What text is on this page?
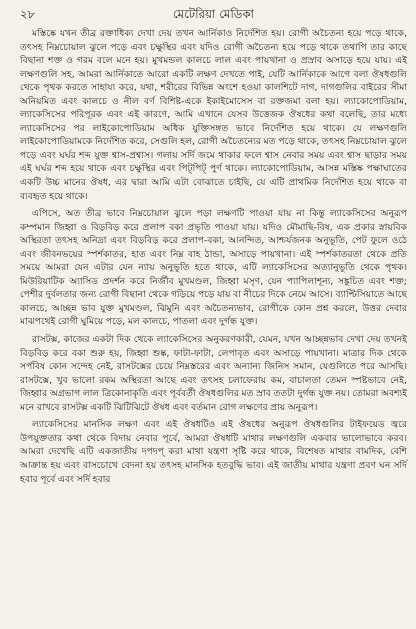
২৮	মেটেরিয়া মেডিকা

মস্তিষ্কে যখন তীব্র রক্তাধিক্য দেখা দেয় তখন আর্নিকাও নির্দেশিত হয়। রোগী অচৈতন্য হয়ে পড়ে থাকে, তৎসহ নিম্নচোয়াল ঝুলে পড়ে এবং চক্ষুস্থির এবং যদিও রোগী অচৈতন্য হয়ে পড়ে থাকে তথাপি তার কাছে বিছানা শক্ত ও গরম বলে মনে হয়। মুখমন্ডল কালচে লাল এবং পায়খানা ও প্রস্রাব অসাড়ে হয়ে যায়। এই লক্ষণগুলি সহ, আমরা আর্নিকাতে আরো একটি লক্ষণ দেখতে পাই, যেটি আর্নিকাকে আগে বলা ঔষধগুলি থেকে পৃথক করতে সাহায্য করে, যথা, শরীরের বিভিন্ন অংশে হওয়া কালশিটে দাগ, দাগগুলির বাইরের সীমা অনিয়মিত এবং কালচে ও নীল বর্ণ বিশিষ্ট-একে ইকাইমোসেস বা রক্তজমা বলা হয়। ল্যাকোপোডিয়াম, ল্যাকেসিসের পরিপূরক এবং এই কারণে, আমি এখানে যেসব উত্তেজক ঔষধের কথা বলেছি, তার মধ্যে ল্যাকেসিসের পর লাইকোপোডিয়াম অধিক যুক্তিসঙ্গত ভাবে নির্দেশিত হয়ে থাকে। যে লক্ষণগুলি লাইকোপোডিয়ামকে নির্দেশিত করে, সেগুলি হল, রোগী অচৈতন্যের মত পড়ে থাকে, তৎসহ নিম্নচোয়াল ঝুলে পড়ে এবং ঘর্ঘর শব্দ যুক্ত শ্বাস-প্রশ্বাস। গলায় সর্দি জমে থাকার ফলে শ্বাস নেবার সময় এবং শ্বাস ছাড়ার সময় এই ঘর্ঘর শব্দ হয়ে থাকে এবং চক্ষুস্থির এবং পিট্‌পিট্‌ পুর্ণ থাকে। ল্যাকোপোডিয়াম, আসন্ন মস্তিষ্ক পক্ষাঘাতের একটি উচ্চ মানের ঔষধ, এর দ্বারা আমি এটা বোঝাতে চাইছি, যে এটি প্রাথমিক নির্দেশিত হয়ে থাকে বা ব্যবহৃত হয়ে থাকে।

এপিসে, অত তীব্র ভাবে নিম্নচোয়াল ঝুলে পড়া লক্ষণটি পাওয়া যায় না কিন্তু ল্যাকেসিসের অনুরূপ কম্পমান জিহ্বা ও বিড়বিড় করে প্রলাপ বকা প্রভৃতি পাওয়া যায়। যদিও মৌমাছি-বিষ, এক প্রকার স্নায়বিক অস্থিরতা তৎসহ অনিদ্রা এবং বিড়বিড় করে প্রলাপ-বকা, আনন্দিত, আশ্চর্যজনক অনুভূতি, পেট ফুলে ওঠে এবং জীবনভয়ের স্পর্শকাতর, হাত এবং নিম্ন বাহ ঠান্ডা, অসাড়ে পায়খানা। এই স্পর্শকাতরতা থেকে প্রতি সময়ে আমরা যেন এটার যেন ন্যায় অনুভূতি হতে থাকে, এটি ল্যাকেসিসের অত্যানুভূতি থেকে পৃথক। মিউরিয়াটিক অ্যাসিড প্রদর্শন করে নির্জীব মুখমণ্ডল, জিহ্বা মসৃণ, যেন প্যাপিলাশূন্য, সঙ্কুচিত এবং শক্ত; পেশীর দুর্বলতার জন্য রোগী বিছানা থেকে গড়িয়ে পড়ে যায় বা নীচের দিকে নেমে আসে। ব্যাপ্টিসিয়াতে আছে কালচে, আচ্ছন্ন ভাব যুক্ত মুখমণ্ডল, ঝিমুনি এবং অচৈতন্যভাব, রোগীকে কোন প্রশ্ন করলে, উত্তর দেবার মাঝপথেই রোগী ঘুমিয়ে পড়ে, মল কালচে, পাতলা এবং দুর্গন্ধ যুক্ত।

রাসটক্স, কাজের একটা দিক থেকে ল্যাকেসিসের অনুকরণকারী, যেমন, যখন আচ্ছন্নভাব দেখা দেয় তখনই বিড়বিড় করে বকা শুরু হয়, জিহ্বা শুষ্ক, ফাটা-ফাটা, লেপাবৃত এবং অসাড়ে পায়খানা। মাত্রার দিক থেকে সর্পবিষ কোন সন্দেহ নেই, রাসটক্সের চেয়ে নিম্নস্তরের এবং অন্যান্য জিনিস সমান, যেগুলিতে পরে আসছি। রাসটক্সে, খুব ভালো রকম অস্থিরতা আছে এবং তৎসহ চলাফেরায় কম, বাচালতা তেমন স্পষ্টভাবে নেই, জিহ্বার অগ্রভাগ লাল ত্রিকোনাকৃতি এবং পূর্ববর্তী ঔষধগুলির মত স্রাব ততটা দুর্গন্ধ যুক্ত নয়। তোমরা অবশ্যই মনে রাখবে রাসটক্স একটি ঝিটিঝিটে ঔষধ এবং বর্তমান রোগ লক্ষণের প্রায় অনুরূপ।

ল্যাকেসিসের মানসিক লক্ষণ এবং এই ঔষধটিও এই ঔষধের অনুরূপ ঔষধগুলির টাইফয়েড জ্বরে উপযুক্ততার কথা থেকে বিদায় নেবার পূর্বে, আমরা ঔষধটি মাথার লক্ষণগুলি একবার ভালোভাবে করব। আমরা দেখেছি এটি একজাতীয় দপদপ্ করা মাথা যন্ত্রণা সৃষ্টি করে থাকে, বিশেষত মাথার বামদিক, বেশি আক্রান্ত হয় এবং বাসচোখে বেদনা হয় তৎসহ মানসিক হতবুদ্ধি ভাব। এই জাতীয় মাথার যন্ত্রণা প্রবণ ঘন সর্দি হবার পূর্বে এবং সর্দি হবার
